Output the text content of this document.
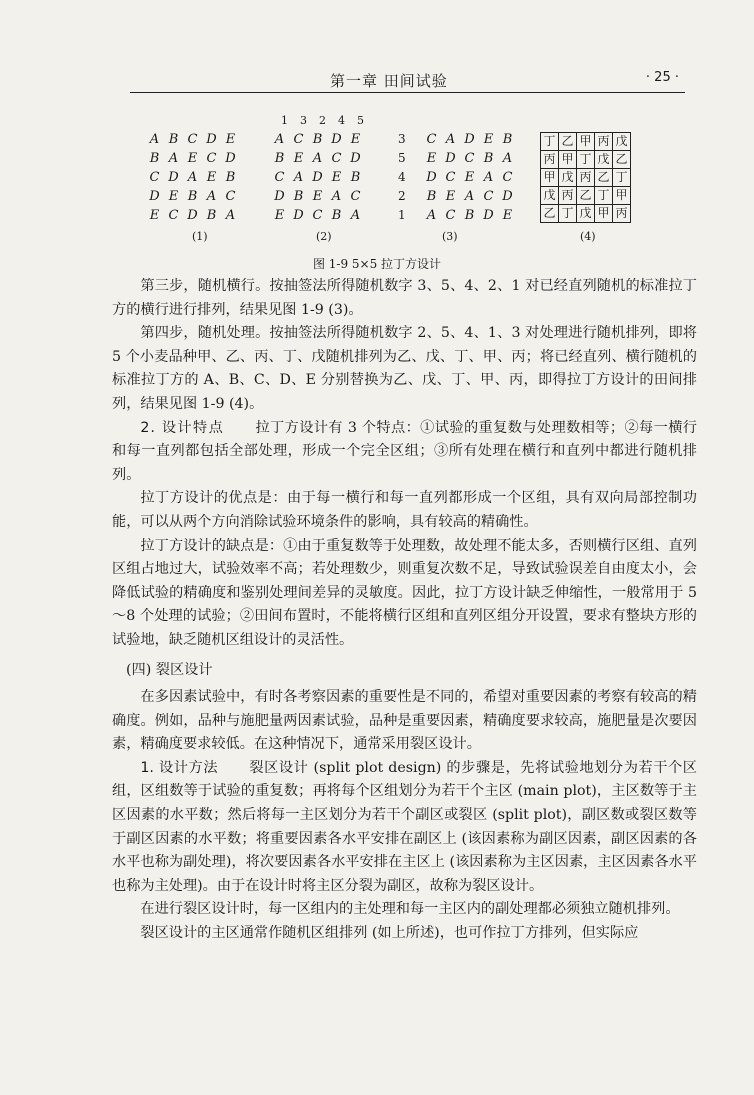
第一章 田间试验	· 25 ·
1 3 2 4 5
A B C D E
B A E C D
C D A E B
D E B A C
E C D B A
A C B D E
B E A C D
C A D E B
D B E A C
E D C B A
3 C A D E B
5 E D C B A
4 D C E A C
2 B E A C D
1 A C B D E
丁	乙	甲	丙	戊
丙	甲	丁	戊	乙
甲	戊	丙	乙	丁
戊	丙	乙	丁	甲
乙	丁	戊	甲	丙
(1)	(2)	(3)	(4)
图 1-9 5×5 拉丁方设计

第三步，随机横行。按抽签法所得随机数字 3、5、4、2、1 对已经直列随机的标准拉丁方的横行进行排列，结果见图 1-9 (3)。

第四步，随机处理。按抽签法所得随机数字 2、5、4、1、3 对处理进行随机排列，即将 5 个小麦品种甲、乙、丙、丁、戊随机排列为乙、戊、丁、甲、丙；将已经直列、横行随机的标准拉丁方的 A、B、C、D、E 分别替换为乙、戊、丁、甲、丙，即得拉丁方设计的田间排列，结果见图 1-9 (4)。

2. 设计特点 拉丁方设计有 3 个特点：①试验的重复数与处理数相等；②每一横行和每一直列都包括全部处理，形成一个完全区组；③所有处理在横行和直列中都进行随机排列。

拉丁方设计的优点是：由于每一横行和每一直列都形成一个区组，具有双向局部控制功能，可以从两个方向消除试验环境条件的影响，具有较高的精确性。

拉丁方设计的缺点是：①由于重复数等于处理数，故处理不能太多，否则横行区组、直列区组占地过大，试验效率不高；若处理数少，则重复次数不足，导致试验误差自由度太小，会降低试验的精确度和鉴别处理间差异的灵敏度。因此，拉丁方设计缺乏伸缩性，一般常用于 5～8 个处理的试验；②田间布置时，不能将横行区组和直列区组分开设置，要求有整块方形的试验地，缺乏随机区组设计的灵活性。

(四) 裂区设计

在多因素试验中，有时各考察因素的重要性是不同的，希望对重要因素的考察有较高的精确度。例如，品种与施肥量两因素试验，品种是重要因素，精确度要求较高，施肥量是次要因素，精确度要求较低。在这种情况下，通常采用裂区设计。

1. 设计方法 裂区设计 (split plot design) 的步骤是，先将试验地划分为若干个区组，区组数等于试验的重复数；再将每个区组划分为若干个主区 (main plot)，主区数等于主区因素的水平数；然后将每一主区划分为若干个副区或裂区 (split plot)，副区数或裂区数等于副区因素的水平数；将重要因素各水平安排在副区上 (该因素称为副区因素，副区因素的各水平也称为副处理)，将次要因素各水平安排在主区上 (该因素称为主区因素，主区因素各水平也称为主处理)。由于在设计时将主区分裂为副区，故称为裂区设计。

在进行裂区设计时，每一区组内的主处理和每一主区内的副处理都必须独立随机排列。

裂区设计的主区通常作随机区组排列 (如上所述)，也可作拉丁方排列，但实际应
